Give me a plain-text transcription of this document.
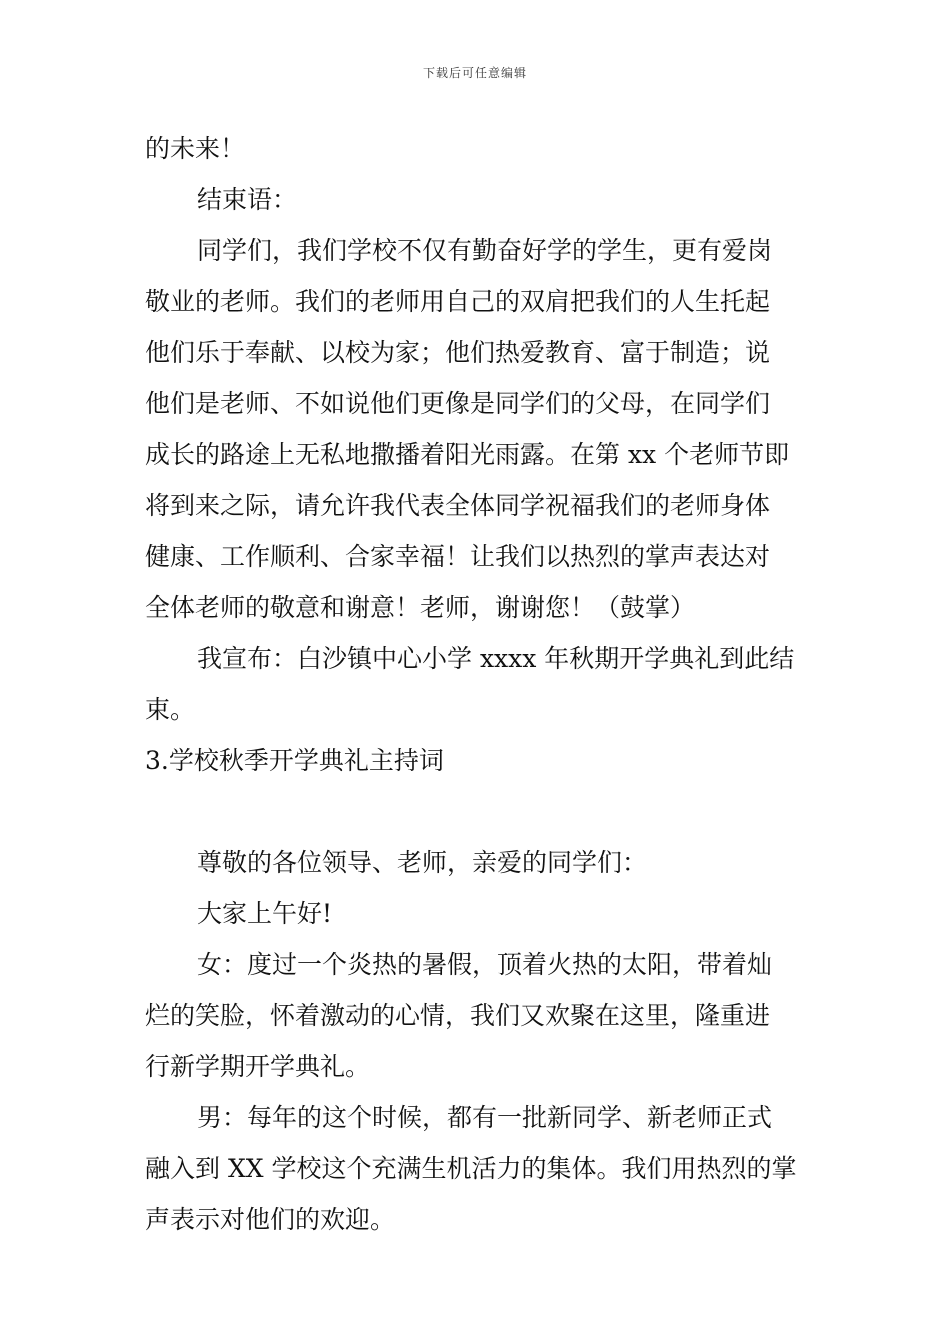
下载后可任意编辑
的未来！
结束语：
同学们，我们学校不仅有勤奋好学的学生，更有爱岗
敬业的老师。我们的老师用自己的双肩把我们的人生托起
他们乐于奉献、以校为家；他们热爱教育、富于制造；说
他们是老师、不如说他们更像是同学们的父母，在同学们
成长的路途上无私地撒播着阳光雨露。在第 xx 个老师节即
将到来之际，请允许我代表全体同学祝福我们的老师身体
健康、工作顺利、合家幸福！让我们以热烈的掌声表达对
全体老师的敬意和谢意！老师，谢谢您！（鼓掌）
我宣布：白沙镇中心小学 xxxx 年秋期开学典礼到此结
束。
3.学校秋季开学典礼主持词
尊敬的各位领导、老师，亲爱的同学们：
大家上午好!
女：度过一个炎热的暑假，顶着火热的太阳，带着灿
烂的笑脸，怀着激动的心情，我们又欢聚在这里，隆重进
行新学期开学典礼。
男：每年的这个时候，都有一批新同学、新老师正式
融入到 XX 学校这个充满生机活力的集体。我们用热烈的掌
声表示对他们的欢迎。
